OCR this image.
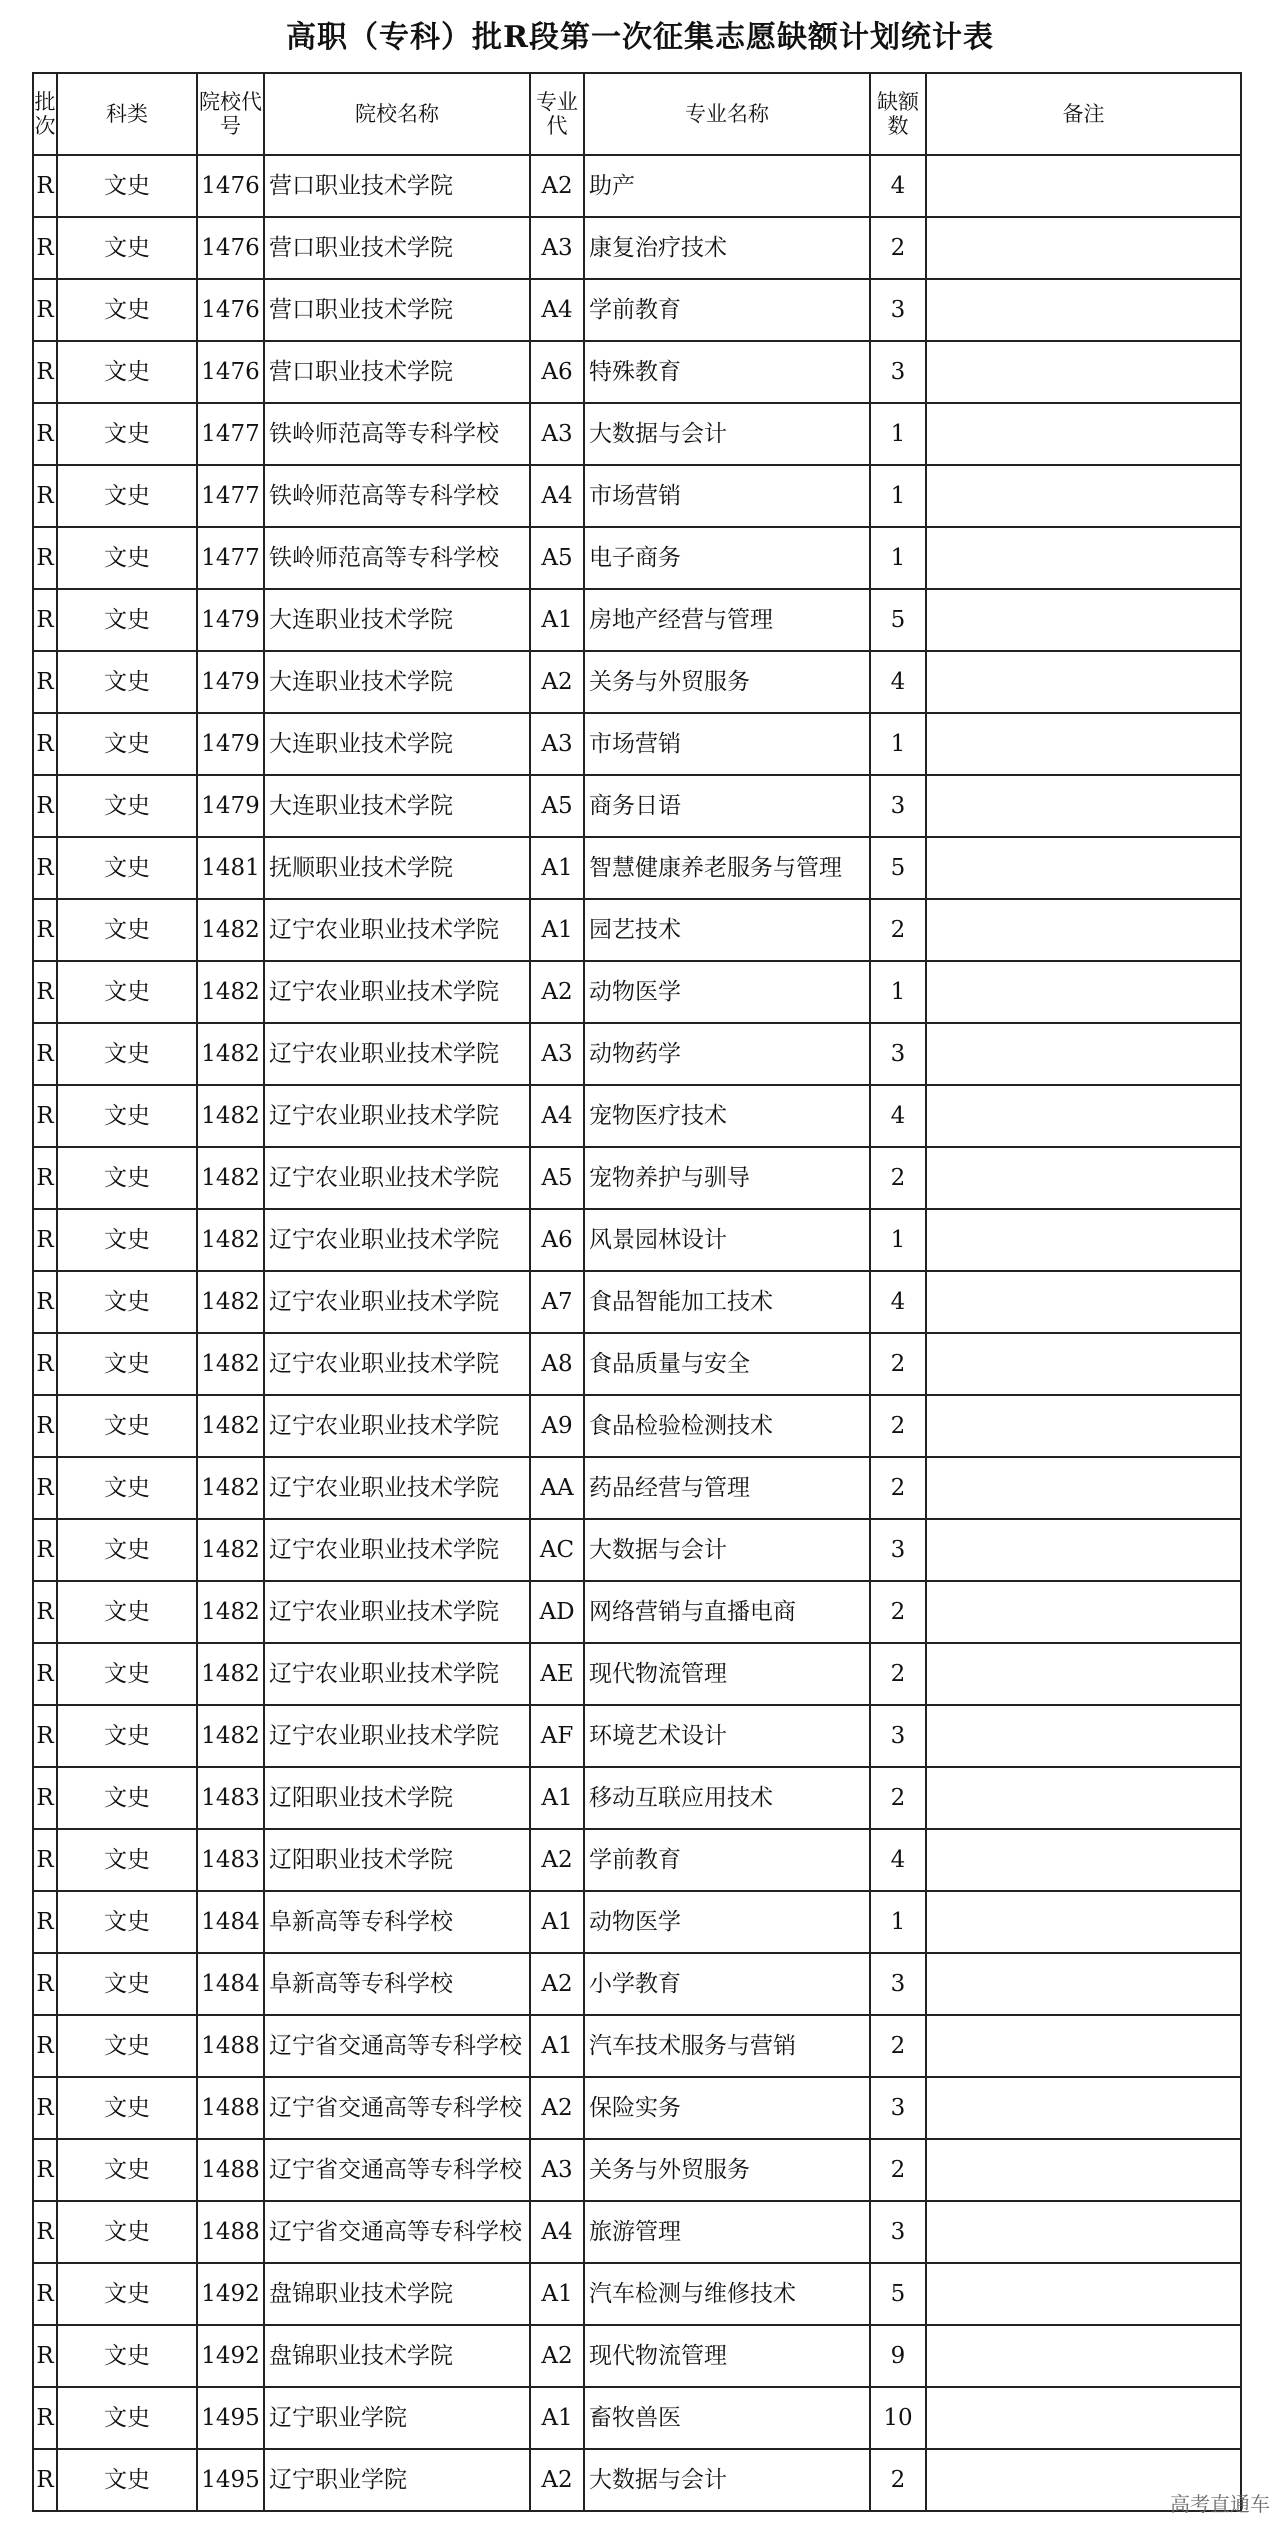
高职（专科）批R段第一次征集志愿缺额计划统计表
批次	科类	院校代号	院校名称	专业代	专业名称	缺额数	备注
R	文史	1476	营口职业技术学院	A2	助产	4	
R	文史	1476	营口职业技术学院	A3	康复治疗技术	2	
R	文史	1476	营口职业技术学院	A4	学前教育	3	
R	文史	1476	营口职业技术学院	A6	特殊教育	3	
R	文史	1477	铁岭师范高等专科学校	A3	大数据与会计	1	
R	文史	1477	铁岭师范高等专科学校	A4	市场营销	1	
R	文史	1477	铁岭师范高等专科学校	A5	电子商务	1	
R	文史	1479	大连职业技术学院	A1	房地产经营与管理	5	
R	文史	1479	大连职业技术学院	A2	关务与外贸服务	4	
R	文史	1479	大连职业技术学院	A3	市场营销	1	
R	文史	1479	大连职业技术学院	A5	商务日语	3	
R	文史	1481	抚顺职业技术学院	A1	智慧健康养老服务与管理	5	
R	文史	1482	辽宁农业职业技术学院	A1	园艺技术	2	
R	文史	1482	辽宁农业职业技术学院	A2	动物医学	1	
R	文史	1482	辽宁农业职业技术学院	A3	动物药学	3	
R	文史	1482	辽宁农业职业技术学院	A4	宠物医疗技术	4	
R	文史	1482	辽宁农业职业技术学院	A5	宠物养护与驯导	2	
R	文史	1482	辽宁农业职业技术学院	A6	风景园林设计	1	
R	文史	1482	辽宁农业职业技术学院	A7	食品智能加工技术	4	
R	文史	1482	辽宁农业职业技术学院	A8	食品质量与安全	2	
R	文史	1482	辽宁农业职业技术学院	A9	食品检验检测技术	2	
R	文史	1482	辽宁农业职业技术学院	AA	药品经营与管理	2	
R	文史	1482	辽宁农业职业技术学院	AC	大数据与会计	3	
R	文史	1482	辽宁农业职业技术学院	AD	网络营销与直播电商	2	
R	文史	1482	辽宁农业职业技术学院	AE	现代物流管理	2	
R	文史	1482	辽宁农业职业技术学院	AF	环境艺术设计	3	
R	文史	1483	辽阳职业技术学院	A1	移动互联应用技术	2	
R	文史	1483	辽阳职业技术学院	A2	学前教育	4	
R	文史	1484	阜新高等专科学校	A1	动物医学	1	
R	文史	1484	阜新高等专科学校	A2	小学教育	3	
R	文史	1488	辽宁省交通高等专科学校	A1	汽车技术服务与营销	2	
R	文史	1488	辽宁省交通高等专科学校	A2	保险实务	3	
R	文史	1488	辽宁省交通高等专科学校	A3	关务与外贸服务	2	
R	文史	1488	辽宁省交通高等专科学校	A4	旅游管理	3	
R	文史	1492	盘锦职业技术学院	A1	汽车检测与维修技术	5	
R	文史	1492	盘锦职业技术学院	A2	现代物流管理	9	
R	文史	1495	辽宁职业学院	A1	畜牧兽医	10	
R	文史	1495	辽宁职业学院	A2	大数据与会计	2	
高考直通车
